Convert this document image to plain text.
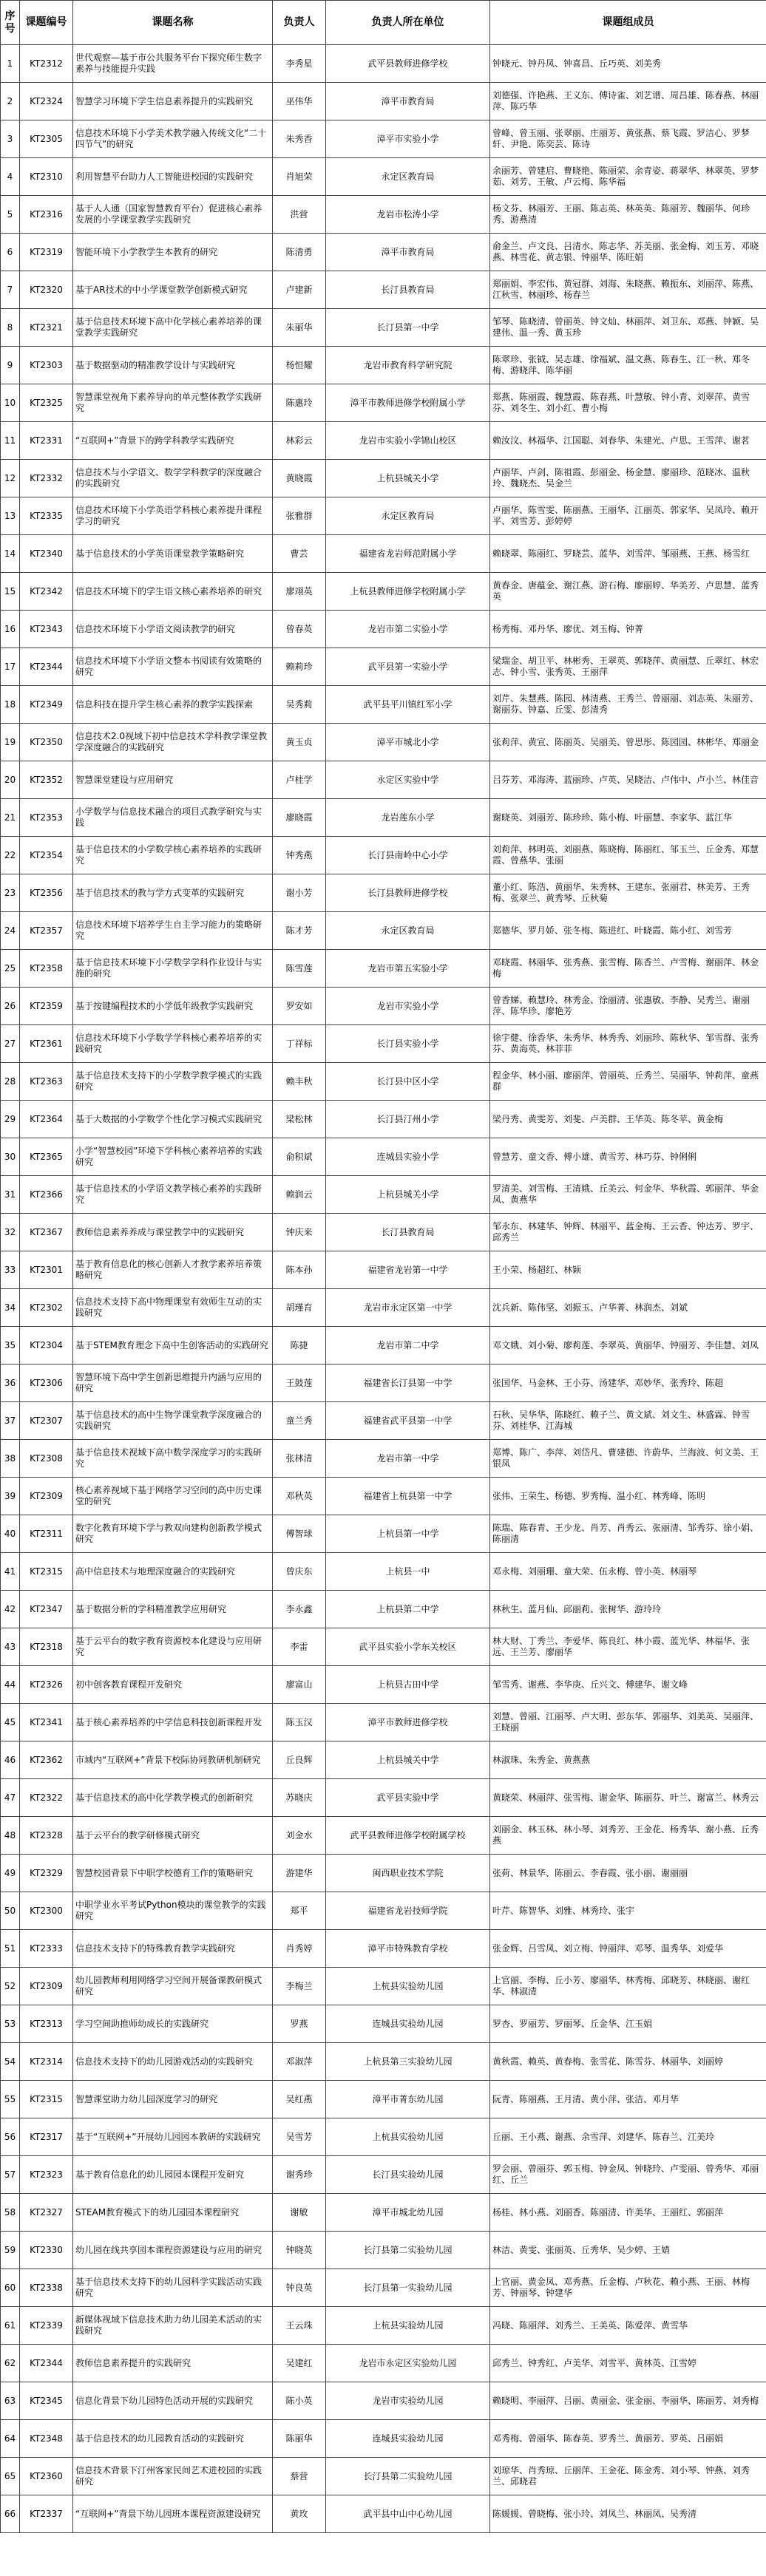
序号	课题编号	课题名称	负责人	负责人所在单位	课题组成员
1	KT2312	世代观察—基于市公共服务平台下探究师生数字素养与技能提升实践	李秀星	武平县教师进修学校	钟晓元、钟丹凤、钟喜昌、丘巧英、刘美秀
2	KT2324	智慧学习环境下学生信息素养提升的实践研究	巫伟华	漳平市教育局	刘德强、许艳燕、王义东、傅诗雀、刘艺谱、周昌雄、陈春燕、林丽萍、陈巧华
3	KT2305	信息技术环境下小学美术教学融入传统文化“二十四节气”的研究	朱秀香	漳平市实验小学	曾峰、曾玉丽、张翠丽、庄丽芳、黄张燕、蔡飞霞、罗洁心、罗梦轩、尹艳、陈奕芸、陈诗
4	KT2310	利用智慧平台助力人工智能进校园的实践研究	肖旭荣	永定区教育局	余丽芳、曾建启、曹晓艳、陈丽荣、余青姿、蒋翠华、林翠英、罗梦茹、刘芳、王敏、卢云梅、陈华福
5	KT2316	基于人人通（国家智慧教育平台）促进核心素养发展的小学课堂教学实践研究	洪营	龙岩市松涛小学	杨文芬、林丽芳、王丽、陈志英、林英英、陈丽芳、魏丽华、何珍秀、游燕清
6	KT2319	智能环境下小学教学生本教育的研究	陈清勇	漳平市教育局	俞金兰、卢文良、吕清水、陈志华、苏美丽、张金梅、刘玉芳、邓晓燕、林雪花、黄志银、钟丽华、陈旺娟
7	KT2320	基于AR技术的中小学课堂教学创新模式研究	卢建新	长汀县教育局	郑丽娟、李宏伟、黄冠群、刘海、朱晓燕、赖振东、刘丽萍、陈燕、江秋雪、林丽珍、杨春兰
8	KT2321	基于信息技术环境下高中化学核心素养培养的课堂教学实践研究	朱丽华	长汀县第一中学	邹琴、陈晓清、曾丽英、钟文灿、林丽萍、刘卫东、邓燕、钟颖、吴建伟、温一秀、黄玉珍
9	KT2303	基于数据驱动的精准教学设计与实践研究	杨恒耀	龙岩市教育科学研究院	陈翠珍、张钺、吴志雄、徐福斌、温文燕、陈春生、江一秋、郑冬梅、游晓萍、陈华丽
10	KT2325	智慧课堂视角下素养导向的单元整体教学实践研究	陈惠玲	漳平市教师进修学校附属小学	郑燕、陈丽霞、魏慧霞、陈春燕、叶慧敏、钟小青、刘翠萍、黄雪芬、刘冬生、刘小红、曹小梅
11	KT2331	“互联网+”背景下的跨学科教学实践研究	林彩云	龙岩市实验小学锦山校区	赖汝汶、林福华、江国聪、刘春华、朱建光、卢思、王雪萍、谢茗
12	KT2332	信息技术与小学语文、数学学科教学的深度融合的实践研究	黄晓霞	上杭县城关小学	卢丽华、卢剑、陈祖霞、彭丽金、杨金慧、廖丽珍、范晓冰、温秋玲、魏晓杰、吴金兰
13	KT2335	信息技术环境下小学英语学科核心素养提升课程学习的研究	张雅群	永定区教育局	卢丽华、陈雪雯、陈丽燕、王丽华、江丽英、郭家华、吴凤玲、赖开平、刘雪芳、彭婷婷
14	KT2340	基于信息技术的小学英语课堂教学策略研究	曹芸	福建省龙岩师范附属小学	赖晓翠、陈丽红、罗晓芸、蓝华、刘雪萍、邹丽燕、王燕、杨雪红
15	KT2342	信息技术环境下的学生语文核心素养培养的研究	廖翊英	上杭县教师进修学校附属小学	黄春金、唐蕴金、谢江燕、游石梅、廖丽婷、华美芳、卢思慧、蓝秀英
16	KT2343	信息技术环境下小学语文阅读教学的研究	曾春英	龙岩市第二实验小学	杨秀梅、邓丹华、廖优、刘玉梅、钟菁
17	KT2344	信息技术环境下小学语文整本书阅读有效策略的研究	赖莉珍	武平县第一实验小学	梁瑞金、胡卫平、林彬秀、王翠英、郭晓萍、黄丽慧、丘翠红、林宏志、钟小雪、张秀英、王丽萍
18	KT2349	信息科技在提升学生核心素养的教学实践探索	吴秀莉	武平县平川镇红军小学	刘芹、朱慧燕、陈园、林清燕、王秀兰、曾丽丽、刘志英、朱丽芳、谢丽芬、钟嘉、丘雯、彭清秀
19	KT2350	信息技术2.0视域下初中信息技术学科教学课堂教学深度融合的实践研究	黄玉贞	漳平市城北小学	张莉萍、黄宣、陈丽英、吴丽美、曾思彤、陈园园、林彬华、郑丽金
20	KT2352	智慧课堂建设与应用研究	卢桂学	永定区实验中学	吕芬芳、邓海涛、蓝丽珍、卢英、吴晓洁、卢伟中、卢小兰、林佳音
21	KT2353	小学数学与信息技术融合的项目式教学研究与实践	廖晓霞	龙岩莲东小学	谢晓英、刘丽芳、陈珍珍、陈小梅、叶丽慧、李家华、蓝江华
22	KT2354	基于信息技术的小学数学核心素养培养的实践研究	钟秀燕	长汀县南岭中心小学	刘莉萍、林明英、刘丽燕、陈晓梅、陈丽红、邹玉兰、丘金秀、郑慧霞、曾燕华、张丽
23	KT2356	基于信息技术的教与学方式变革的实践研究	谢小芳	长汀县教师进修学校	董小红、陈浩、黄丽华、朱秀林、王建东、张丽君、林美芳、王秀梅、张翠兰、黄秀琴、丘秋菊
24	KT2357	信息技术环境下培养学生自主学习能力的策略研究	陈才芳	永定区教育局	郑德华、罗月娇、张冬梅、陈进红、叶晓霞、陈小红、刘雪芳
25	KT2358	基于信息技术环境下小学数学学科作业设计与实施的研究	陈雪莲	龙岩市第五实验小学	邓晓霞、林丽华、张秀燕、张雪梅、陈香兰、卢雪梅、谢丽萍、林金梅
26	KT2359	基于按键编程技术的小学低年级教学实践研究	罗安如	龙岩市实验小学	曾香娣、赖慧玲、林秀金、徐丽清、张惠敏、李静、吴秀兰、谢丽萍、陈华珍、廖艳芳
27	KT2361	信息技术环境下小学数学学科核心素养培养的实践研究	丁祥标	长汀县实验小学	徐宇健、徐香华、朱秀华、林秀秀、刘丽珍、陈秋华、邹雪群、张秀芬、黄海英、林菲菲
28	KT2363	基于信息技术支持下的小学数学教学模式的实践研究	赖丰秋	长汀县中区小学	程金华、林小丽、廖丽萍、曾丽英、丘秀兰、吴丽华、钟莉萍、童燕群
29	KT2364	基于大数据的小学数学个性化学习模式实践研究	梁松林	长汀县汀州小学	梁丹秀、黄雯芳、刘斐、卢美群、王华英、陈冬苹、黄金梅
30	KT2365	小学“智慧校园”环境下学科核心素养培养的实践研究	俞积斌	连城县实验小学	曾慧芳、童文香、傅小雄、黄雪芳、林巧芬、钟俐俐
31	KT2366	基于信息技术的小学语文教学核心素养的实践研究	赖润云	上杭县城关小学	罗清美、刘雪梅、王清娥、丘美云、何金华、华秋霞、郭丽萍、华金凤、黄燕华
32	KT2367	教师信息素养养成与课堂教学中的实践研究	钟庆来	长汀县教育局	邹永东、林建华、钟辉、林丽平、蓝金梅、王云香、钟达芳、罗宇、邱秀兰
33	KT2301	基于教育信息化的核心创新人才教学素养培养策略研究	陈本孙	福建省龙岩第一中学	王小荣、杨超红、林颖
34	KT2302	信息技术支持下高中物理课堂有效师生互动的实践研究	胡瑾育	龙岩市永定区第一中学	沈兵新、陈伟坚、刘振玉、卢华菁、林润杰、刘斌
35	KT2304	基于STEM教育理念下高中生创客活动的实践研究	陈捷	龙岩市第二中学	邓文娥、刘小菊、廖莉莲、李翠英、黄丽华、钟丽芳、李佳慧、刘凤
36	KT2306	智慧环境下高中学生创新思维提升内涵与应用的研究	王鼓莲	福建省长汀县第一中学	张国华、马金林、王小芬、汤建华、邓妙华、张秀玲、陈超
37	KT2307	基于信息技术的高中生物学课堂教学深度融合的实践研究	童兰秀	福建省武平县第一中学	石秋、吴华华、陈晓红、赖子兰、黄文斌、刘文生、林盛霖、钟雪芬、刘桂华、江海城
38	KT2308	基于信息技术视域下高中数学深度学习的实践研究	张林清	龙岩市第一中学	郑博、陈广、李萍、刘岱凡、曹建德、许蔚华、兰海波、何文美、王银凤
39	KT2309	核心素养视域下基于网络学习空间的高中历史课堂的研究	邓秋英	福建省上杭县第一中学	张伟、王荣生、杨德、罗秀梅、温小红、林秀峰、陈明
40	KT2311	数字化教育环境下学与教双向建构创新教学模式研究	傅智球	上杭县第一中学	陈瑞、陈春青、王少龙、肖芳、肖秀云、张丽清、邹秀芬、徐小娟、陈丽清
41	KT2315	高中信息技术与地理深度融合的实践研究	曾庆东	上杭县一中	邓永梅、刘丽珊、童大荣、伍永梅、曾小英、林丽琴
42	KT2347	基于数据分析的学科精准教学应用研究	李永鑫	上杭县第二中学	林秋生、蓝月仙、邱丽莉、张树华、游玲玲
43	KT2318	基于云平台的数字教育资源校本化建设与应用研究	李雷	武平县实验小学东关校区	林大财、丁秀兰、李爱华、陈良红、林小霞、蓝光华、林福华、张远、王兰芳、廖丽华
44	KT2326	初中创客教育课程开发研究	廖富山	上杭县古田中学	邹雪秀、谢燕、李华庚、丘兴文、傅建华、谢文峰
45	KT2341	基于核心素养培养的中学信息科技创新课程开发	陈玉汉	漳平市教师进修学校	刘慧、曾丽、江丽琴、卢大明、彭东华、郭丽华、刘美英、吴丽萍、王晓丽
46	KT2362	市域内“互联网+”背景下校际协同教研机制研究	丘良辉	上杭县城关中学	林淑珠、朱秀金、黄燕燕
47	KT2322	基于信息技术的高中化学教学模式的创新研究	苏晓庆	武平县实验中学	黄晓荣、林丽萍、张雪梅、谢金华、陈丽芬、叶兰、谢富兰、林秀云
48	KT2328	基于云平台的教学研修模式研究	刘金水	武平县教师进修学校附属学校	刘丽金、林玉林、林小琴、刘秀芳、王金花、杨秀华、谢小燕、丘秀燕
49	KT2329	智慧校园背景下中职学校德育工作的策略研究	游建华	闽西职业技术学院	张荷、林景华、陈丽云、李春霞、张小丽、谢丽丽
50	KT2300	中职学业水平考试Python模块的课堂教学的实践研究	郑平	福建省龙岩技师学院	叶芹、陈智华、刘雅、林秀玲、张宇
51	KT2333	信息技术支持下的特殊教育教学实践研究	肖秀婷	漳平市特殊教育学校	张金辉、吕雪凤、刘立梅、钟丽萍、邓琴、温秀华、刘爱华
52	KT2309	幼儿园教师利用网络学习空间开展备课教研模式研究	李梅兰	上杭县实验幼儿园	上官丽、李梅、丘小芳、廖丽华、林秀梅、邱晓芳、林晓丽、谢红华、林淑清
53	KT2313	学习空间助推师幼成长的实践研究	罗燕	连城县实验幼儿园	罗杏、罗丽芳、罗丽琴、丘金华、江玉娟
54	KT2314	信息技术支持下的幼儿园游戏活动的实践研究	邓淑萍	上杭县第三实验幼儿园	黄秋霞、赖英、黄春梅、张雪花、陈雪芬、林丽华、刘丽婷
55	KT2315	智慧课堂助力幼儿园深度学习的研究	吴红燕	漳平市菁东幼儿园	阮青、陈丽燕、王月清、黄小萍、张洁、邓月华
56	KT2317	基于“互联网+”开展幼儿园园本教研的实践研究	吴雪芳	上杭县实验幼儿园	丘丽、王小燕、谢燕、余雪萍、刘建华、陈春兰、江美玲
57	KT2323	基于教育信息化的幼儿园园本课程开发研究	谢秀珍	长汀县实验幼儿园	罗会丽、曾丽芬、郭玉梅、钟金凤、钟晓玲、卢雯丽、曾秀华、邓丽红、丘兰
58	KT2327	STEAM教育模式下的幼儿园园本课程研究	谢敏	漳平市城北幼儿园	杨桂、林小燕、刘丽香、陈丽清、许美华、王丽红、郭丽萍
59	KT2330	幼儿园在线共享园本课程资源建设与应用的研究	钟晓英	长汀县第二实验幼儿园	林洁、黄雯、张丽英、丘秀华、吴少婷、王婧
60	KT2338	基于信息技术支持下的幼儿园科学实践活动实践研究	钟良英	长汀县第一实验幼儿园	上官丽、黄金凤、邓秀燕、丘金梅、卢秋花、赖小燕、王丽、林梅芳、钟丽琴、钟建华
61	KT2339	新媒体视域下信息技术助力幼儿园美术活动的实践研究	王云珠	上杭县实验幼儿园	冯晓、陈丽萍、刘秀兰、王美英、陈爱萍、黄雪华
62	KT2344	教师信息素养提升的实践研究	吴建红	龙岩市永定区实验幼儿园	邱秀兰、钟秀红、卢美华、刘雪平、黄林英、江雪婷
63	KT2345	信息化背景下幼儿园特色活动开展的实践研究	陈小英	龙岩市实验幼儿园	赖晓明、李丽萍、吕丽、黄丽金、张金丽、李丽华、陈丽芳、刘秀梅
64	KT2348	基于信息技术的幼儿园教育活动的实践研究	陈丽华	连城县实验幼儿园	邓秀梅、曾丽华、陈春英、罗秀兰、黄丽芳、罗英、吕丽娟
65	KT2360	信息技术背景下汀州客家民间艺术进校园的实践研究	蔡营	长汀县第二实验幼儿园	刘琼华、肖秀琼、丘丽萍、王金花、陈金秀、刘小琴、钟燕、刘秀兰、邱晓君
66	KT2337	“互联网+”背景下幼儿园班本课程资源建设研究	黄玫	武平县中山中心幼儿园	陈媛媛、曾晓梅、张小玲、刘凤兰、林丽凤、吴秀清
